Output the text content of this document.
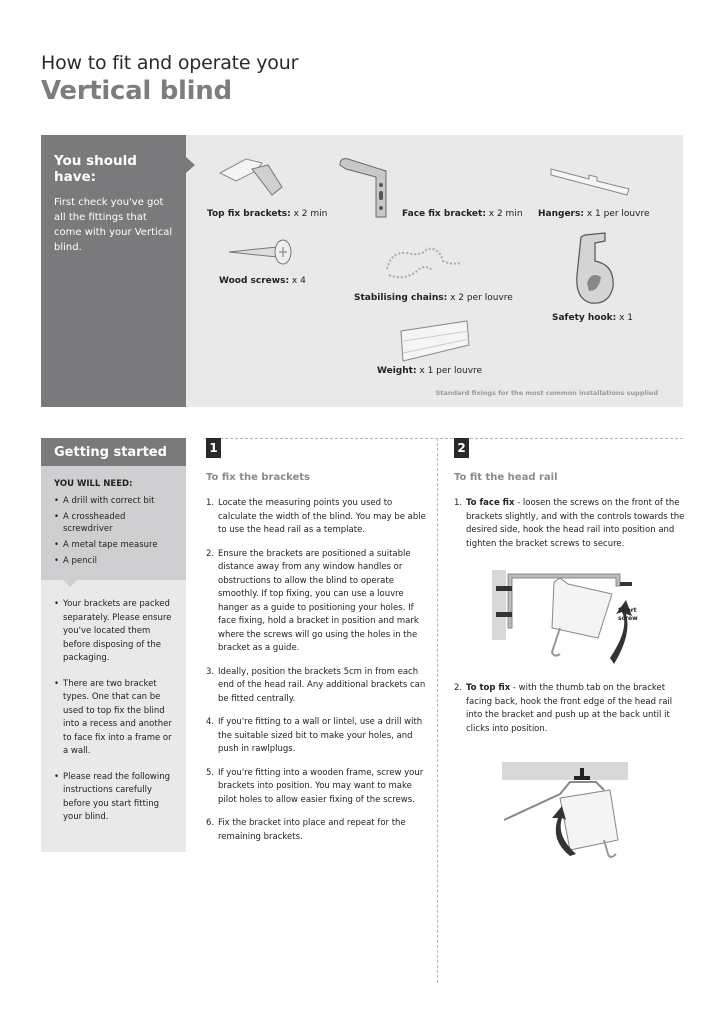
How to fit and operate your
Vertical blind
You should have:

First check you've got all the fittings that come with your Vertical blind.

Top fix brackets: x 2 min	Face fix bracket: x 2 min Hangers: x 1 per louvre
Wood screws: x 4
Stabilising chains: x 2 per louvre
Safety hook: x 1
Weight: x 1 per louvre
Standard fixings for the most common installations supplied
Getting started
YOU WILL NEED:
• A drill with correct bit
• A crossheaded screwdriver
• A metal tape measure
• A pencil
• Your brackets are packed separately. Please ensure you've located them before disposing of the packaging.
• There are two bracket types. One that can be used to top fix the blind into a recess and another to face fix into a frame or a wall.
• Please read the following instructions carefully before you start fitting your blind.
1
To fix the brackets
1. Locate the measuring points you used to calculate the width of the blind. You may be able to use the head rail as a template.
2. Ensure the brackets are positioned a suitable distance away from any window handles or obstructions to allow the blind to operate smoothly. If top fixing, you can use a louvre hanger as a guide to positioning your holes. If face fixing, hold a bracket in position and mark where the screws will go using the holes in the bracket as a guide.
3. Ideally, position the brackets 5cm in from each end of the head rail. Any additional brackets can be fitted centrally.
4. If you're fitting to a wall or lintel, use a drill with the suitable sized bit to make your holes, and push in rawlplugs.
5. If you're fitting into a wooden frame, screw your brackets into position. You may want to make pilot holes to allow easier fixing of the screws.
6. Fix the bracket into place and repeat for the remaining brackets.
2
To fit the head rail
1. To face fix - loosen the screws on the front of the brackets slightly, and with the controls towards the desired side, hook the head rail into position and tighten the bracket screws to secure.
Short
screw
2. To top fix - with the thumb tab on the bracket facing back, hook the front edge of the head rail into the bracket and push up at the back until it clicks into position.
